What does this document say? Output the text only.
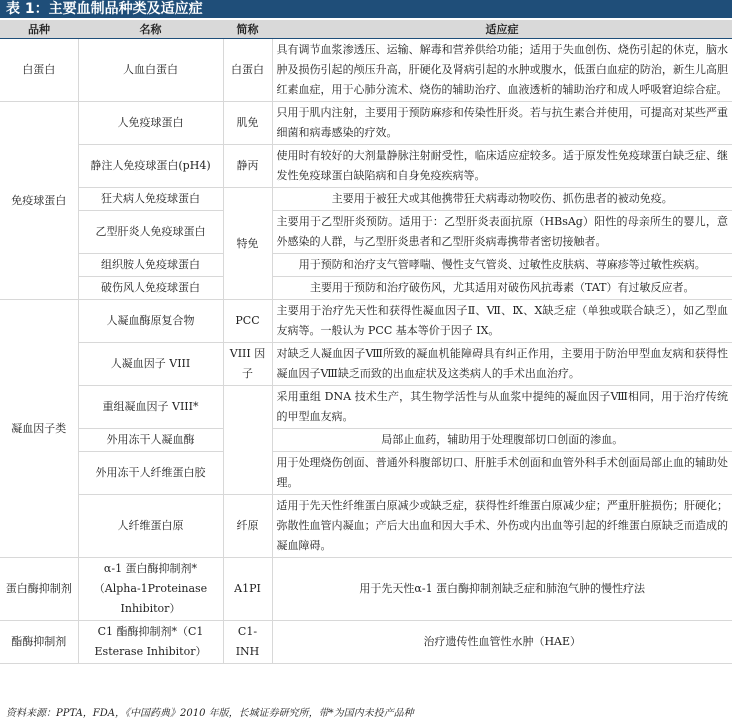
表 1：主要血制品种类及适应症
品种	名称	简称	适应症
白蛋白	人血白蛋白	白蛋白	具有调节血浆渗透压、运输、解毒和营养供给功能；适用于失血创伤、烧伤引起的休克，脑水肿及损伤引起的颅压升高，肝硬化及肾病引起的水肿或腹水，低蛋白血症的防治，新生儿高胆红素血症，用于心肺分流术、烧伤的辅助治疗、血液透析的辅助治疗和成人呼吸窘迫综合症。
免疫球蛋白	人免疫球蛋白	肌免	只用于肌内注射，主要用于预防麻疹和传染性肝炎。若与抗生素合并使用，可提高对某些严重细菌和病毒感染的疗效。
	静注人免疫球蛋白(pH4)	静丙	使用时有较好的大剂量静脉注射耐受性，临床适应症较多。适于原发性免疫球蛋白缺乏症、继发性免疫球蛋白缺陷病和自身免疫疾病等。
	狂犬病人免疫球蛋白	特免	主要用于被狂犬或其他携带狂犬病毒动物咬伤、抓伤患者的被动免疫。
	乙型肝炎人免疫球蛋白		主要用于乙型肝炎预防。适用于：乙型肝炎表面抗原（HBsAg）阳性的母亲所生的婴儿，意外感染的人群，与乙型肝炎患者和乙型肝炎病毒携带者密切接触者。
	组织胺人免疫球蛋白		用于预防和治疗支气管哮喘、慢性支气管炎、过敏性皮肤病、荨麻疹等过敏性疾病。
	破伤风人免疫球蛋白		主要用于预防和治疗破伤风，尤其适用对破伤风抗毒素（TAT）有过敏反应者。
凝血因子类	人凝血酶原复合物	PCC	主要用于治疗先天性和获得性凝血因子Ⅱ、Ⅶ、Ⅸ、Ⅹ缺乏症（单独或联合缺乏），如乙型血友病等。一般认为 PCC 基本等价于因子 IX。
	人凝血因子 VIII	VIII 因子	对缺乏人凝血因子Ⅷ所致的凝血机能障碍具有纠正作用，主要用于防治甲型血友病和获得性凝血因子Ⅷ缺乏而致的出血症状及这类病人的手术出血治疗。
	重组凝血因子 VIII*		采用重组 DNA 技术生产，其生物学活性与从血浆中提纯的凝血因子Ⅷ相同，用于治疗传统的甲型血友病。
	外用冻干人凝血酶		局部止血药，辅助用于处理腹部切口创面的渗血。
	外用冻干人纤维蛋白胶		用于处理烧伤创面、普通外科腹部切口、肝脏手术创面和血管外科手术创面局部止血的辅助处理。
	人纤维蛋白原	纤原	适用于先天性纤维蛋白原减少或缺乏症，获得性纤维蛋白原减少症；严重肝脏损伤；肝硬化；弥散性血管内凝血；产后大出血和因大手术、外伤或内出血等引起的纤维蛋白原缺乏而造成的凝血障碍。
蛋白酶抑制剂	α-1 蛋白酶抑制剂*（Alpha-1Proteinase Inhibitor）	A1PI	用于先天性α-1 蛋白酶抑制剂缺乏症和肺泡气肿的慢性疗法
酯酶抑制剂	C1 酯酶抑制剂*（C1 Esterase Inhibitor）	C1-INH	治疗遗传性血管性水肿（HAE）
资料来源：PPTA，FDA，《中国药典》2010 年版，长城证券研究所，带*为国内未投产品种
